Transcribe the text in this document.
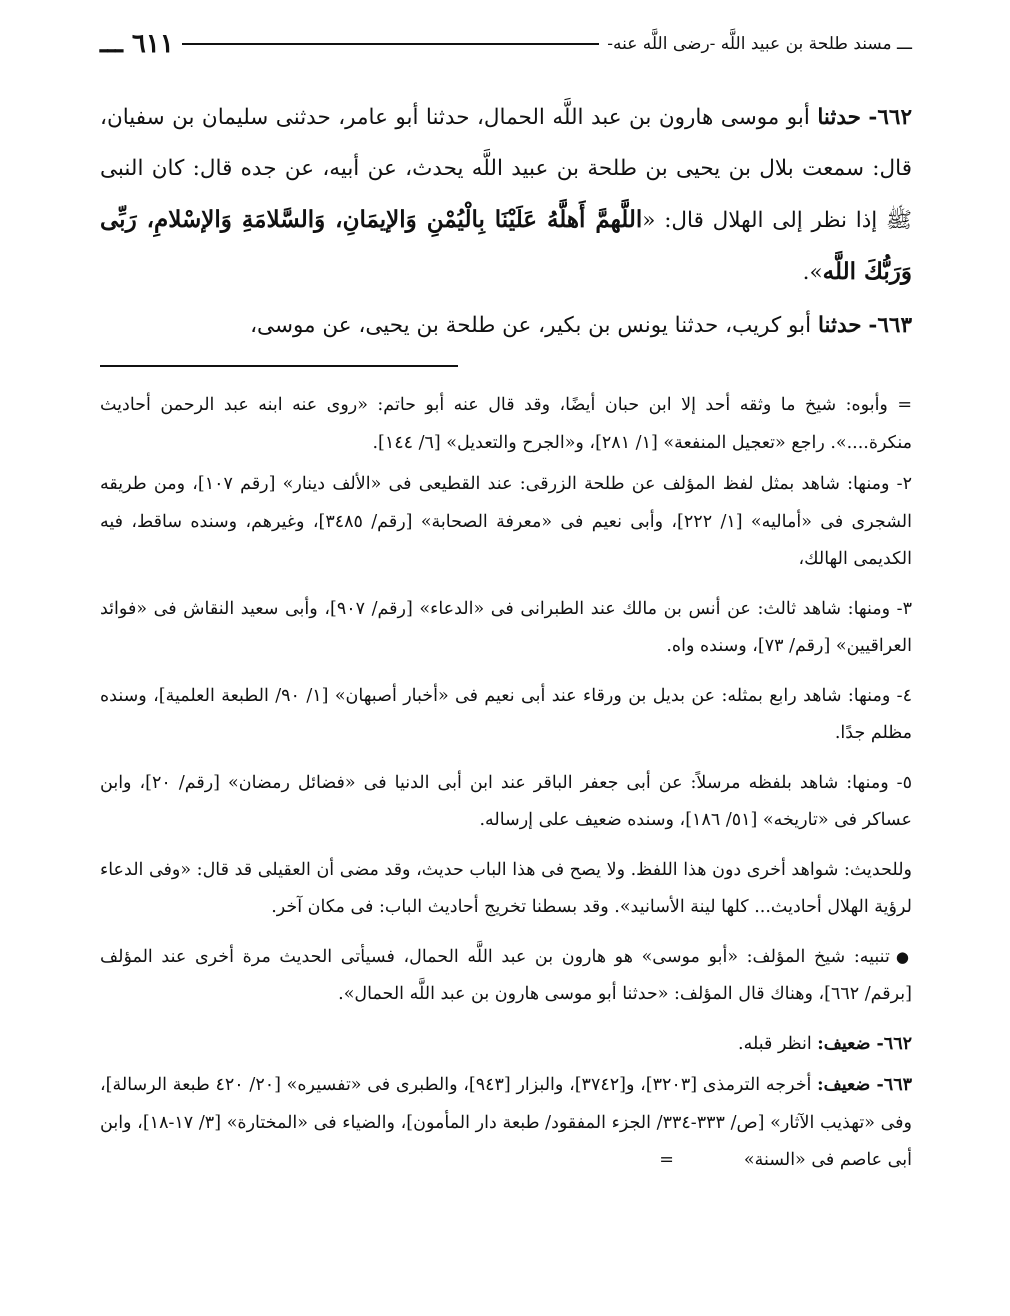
ـــ مسند طلحة بن عبيد اللَّه -رضى اللَّه عنه-
٦١١ ـــ

٦٦٢- حدثنا أبو موسى هارون بن عبد اللَّه الحمال، حدثنا أبو عامر، حدثنى سليمان بن سفيان، قال: سمعت بلال بن يحيى بن طلحة بن عبيد اللَّه يحدث، عن أبيه، عن جده قال: كان النبى ﷺ إذا نظر إلى الهلال قال: «اللَّهمَّ أَهلَّهُ عَلَيْنَا بِالْيُمْنِ وَالإيمَانِ، وَالسَّلامَةِ وَالإسْلامِ، رَبِّى وَرَبُّكَ اللَّه».

٦٦٣- حدثنا أبو كريب، حدثنا يونس بن بكير، عن طلحة بن يحيى، عن موسى،

= وأبوه: شيخ ما وثقه أحد إلا ابن حبان أيضًا، وقد قال عنه أبو حاتم: «روى عنه ابنه عبد الرحمن أحاديث منكرة....». راجع «تعجيل المنفعة» [١/ ٢٨١]، و«الجرح والتعديل» [٦/ ١٤٤].

٢- ومنها: شاهد بمثل لفظ المؤلف عن طلحة الزرقى: عند القطيعى فى «الألف دينار» [رقم ١٠٧]، ومن طريقه الشجرى فى «أماليه» [١/ ٢٢٢]، وأبى نعيم فى «معرفة الصحابة» [رقم/ ٣٤٨٥]، وغيرهم، وسنده ساقط، فيه الكديمى الهالك،

٣- ومنها: شاهد ثالث: عن أنس بن مالك عند الطبرانى فى «الدعاء» [رقم/ ٩٠٧]، وأبى سعيد النقاش فى «فوائد العراقيين» [رقم/ ٧٣]، وسنده واه.

٤- ومنها: شاهد رابع بمثله: عن بديل بن ورقاء عند أبى نعيم فى «أخبار أصبهان» [١/ ٩٠/ الطبعة العلمية]، وسنده مظلم جدًا.

٥- ومنها: شاهد بلفظه مرسلاً: عن أبى جعفر الباقر عند ابن أبى الدنيا فى «فضائل رمضان» [رقم/ ٢٠]، وابن عساكر فى «تاريخه» [٥١/ ١٨٦]، وسنده ضعيف على إرساله.

وللحديث: شواهد أخرى دون هذا اللفظ. ولا يصح فى هذا الباب حديث، وقد مضى أن العقيلى قد قال: «وفى الدعاء لرؤية الهلال أحاديث... كلها لينة الأسانيد». وقد بسطنا تخريج أحاديث الباب: فى مكان آخر.

●تنبيه: شيخ المؤلف: «أبو موسى» هو هارون بن عبد اللَّه الحمال، فسيأتى الحديث مرة أخرى عند المؤلف [برقم/ ٦٦٢]، وهناك قال المؤلف: «حدثنا أبو موسى هارون بن عبد اللَّه الحمال».

٦٦٢- ضعيف: انظر قبله.

٦٦٣- ضعيف: أخرجه الترمذى [٣٢٠٣]، و[٣٧٤٢]، والبزار [٩٤٣]، والطبرى فى «تفسيره» [٢٠/ ٤٢٠ طبعة الرسالة]، وفى «تهذيب الآثار» [ص/ ٣٣٣-٣٣٤/ الجزء المفقود/ طبعة دار المأمون]، والضياء فى «المختارة» [٣/ ١٧-١٨]، وابن أبى عاصم فى «السنة»=
